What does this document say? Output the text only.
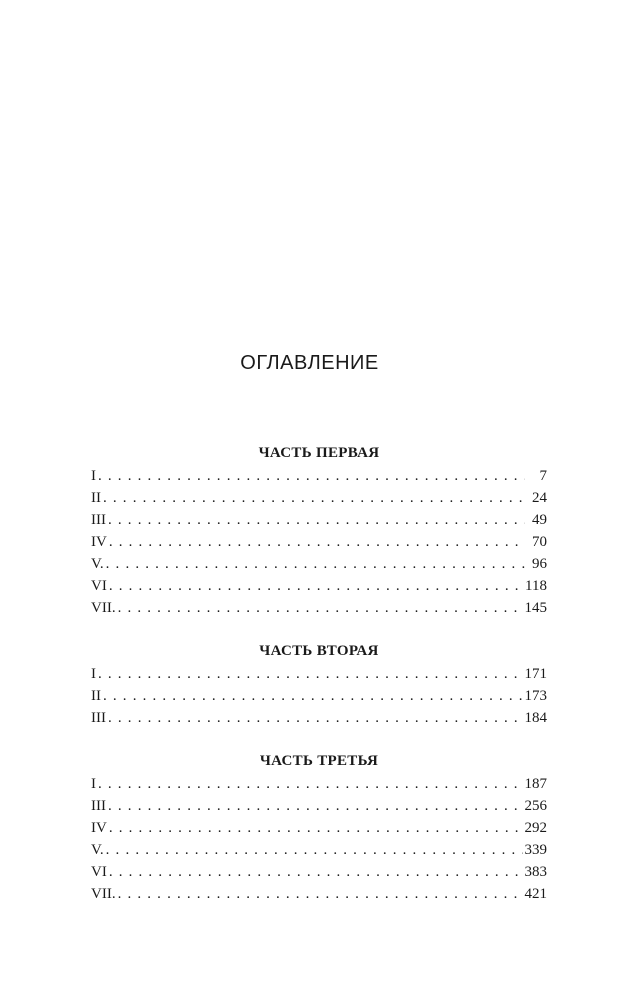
ОГЛАВЛЕНИЕ
ЧАСТЬ ПЕРВАЯ
I . . .	7
II . . .	24
III . . .	49
IV . . .	70
V. . . .	96
VI . . .	118
VII. . . .	145
ЧАСТЬ ВТОРАЯ
I . . .	171
II . . .	173
III . . .	184
ЧАСТЬ ТРЕТЬЯ
I . . .	187
III . . .	256
IV . . .	292
V. . . .	339
VI . . .	383
VII. . . .	421
